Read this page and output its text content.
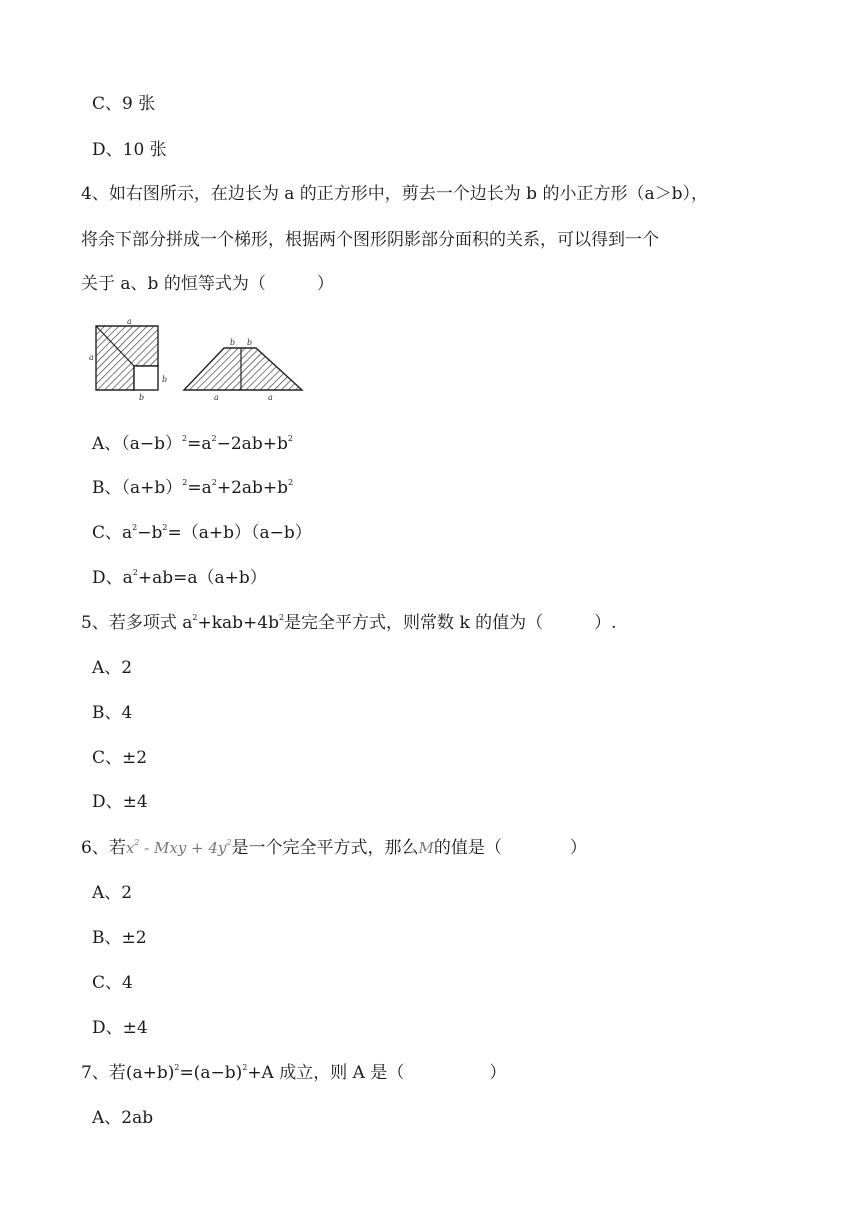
C、9 张
D、10 张
4、如右图所示，在边长为 a 的正方形中，剪去一个边长为 b 的小正方形（a＞b），
将余下部分拼成一个梯形，根据两个图形阴影部分面积的关系，可以得到一个
关于 a、b 的恒等式为（　　　）
a
a
b
b
b b
a	a
A、$(a-b)^2=a^2-2ab+b^2$
B、$(a+b)^2=a^2+2ab+b^2$
C、$a^2-b^2=(a+b)(a-b)$
D、$a^2+ab=a(a+b)$
5、若多项式 $a^2+kab+4b^2$是完全平方式，则常数 k 的值为（　　　）.
A、2
B、4
C、±2
D、±4
6、若$x^2$ - Mxy + $4y^2$是一个完全平方式，那么M的值是（　　　　）
A、2
B、±2
C、4
D、±4
7、若$(a+b)^2=(a-b)^2+A$ 成立，则 A 是（　　　　　）
A、2ab
